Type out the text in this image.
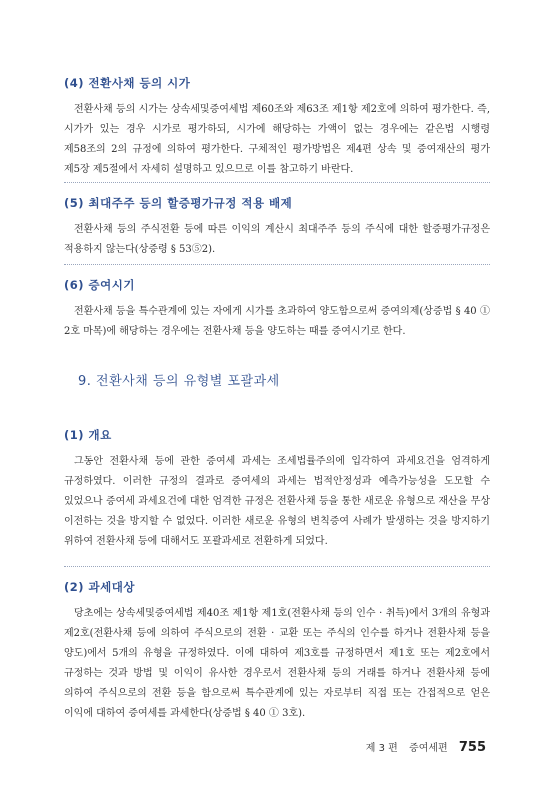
(4) 전환사채 등의 시가

전환사채 등의 시가는 상속세및증여세법 제60조와 제63조 제1항 제2호에 의하여 평가한다. 즉, 시가가 있는 경우 시가로 평가하되, 시가에 해당하는 가액이 없는 경우에는 같은법 시행령 제58조의 2의 규정에 의하여 평가한다. 구체적인 평가방법은 제4편 상속 및 증여재산의 평가 제5장 제5절에서 자세히 설명하고 있으므로 이를 참고하기 바란다.

(5) 최대주주 등의 할증평가규정 적용 배제

전환사채 등의 주식전환 등에 따른 이익의 계산시 최대주주 등의 주식에 대한 할증평가규정은 적용하지 않는다(상증령 § 53⑤2).

(6) 증여시기

전환사채 등을 특수관계에 있는 자에게 시가를 초과하여 양도함으로써 증여의제(상증법 § 40 ① 2호 마목)에 해당하는 경우에는 전환사채 등을 양도하는 때를 증여시기로 한다.

9. 전환사채 등의 유형별 포괄과세
(1) 개요

그동안 전환사채 등에 관한 증여세 과세는 조세법률주의에 입각하여 과세요건을 엄격하게 규정하였다. 이러한 규정의 결과로 증여세의 과세는 법적안정성과 예측가능성을 도모할 수 있었으나 증여세 과세요건에 대한 엄격한 규정은 전환사채 등을 통한 새로운 유형으로 재산을 무상 이전하는 것을 방지할 수 없었다. 이러한 새로운 유형의 변칙증여 사례가 발생하는 것을 방지하기 위하여 전환사채 등에 대해서도 포괄과세로 전환하게 되었다.

(2) 과세대상

당초에는 상속세및증여세법 제40조 제1항 제1호(전환사채 등의 인수 · 취득)에서 3개의 유형과 제2호(전환사채 등에 의하여 주식으로의 전환 · 교환 또는 주식의 인수를 하거나 전환사채 등을 양도)에서 5개의 유형을 규정하였다. 이에 대하여 제3호를 규정하면서 제1호 또는 제2호에서 규정하는 것과 방법 및 이익이 유사한 경우로서 전환사채 등의 거래를 하거나 전환사채 등에 의하여 주식으로의 전환 등을 함으로써 특수관계에 있는 자로부터 직접 또는 간접적으로 얻은 이익에 대하여 증여세를 과세한다(상증법 § 40 ① 3호).

제 3 편 증여세편 755
